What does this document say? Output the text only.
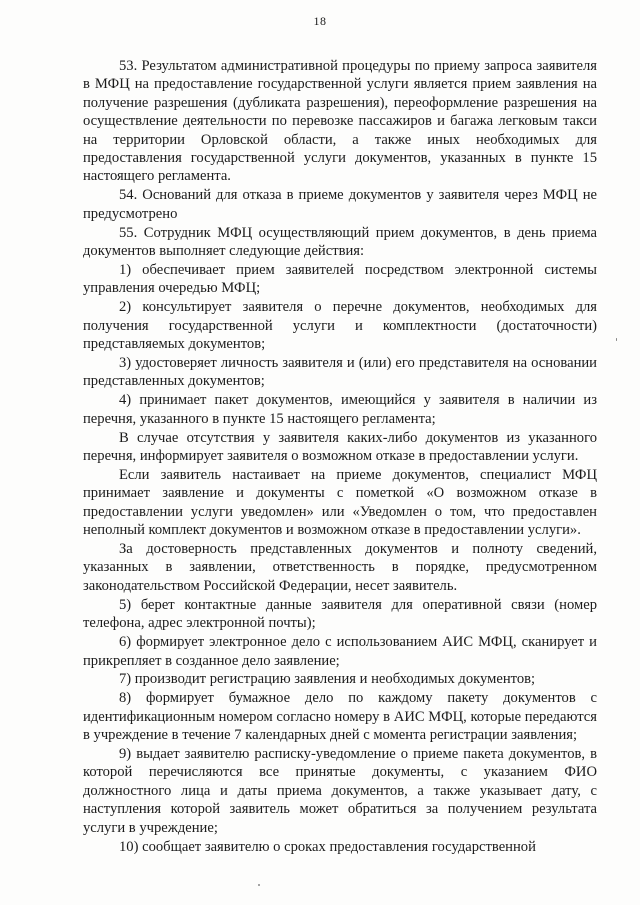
18

53. Результатом административной процедуры по приему запроса заявителя в МФЦ на предоставление государственной услуги является прием заявления на получение разрешения (дубликата разрешения), переоформление разрешения на осуществление деятельности по перевозке пассажиров и багажа легковым такси на территории Орловской области, а также иных необходимых для предоставления государственной услуги документов, указанных в пункте 15 настоящего регламента.

54. Оснований для отказа в приеме документов у заявителя через МФЦ не предусмотрено

55. Сотрудник МФЦ осуществляющий прием документов, в день приема документов выполняет следующие действия:

1) обеспечивает прием заявителей посредством электронной системы управления очередью МФЦ;

2) консультирует заявителя о перечне документов, необходимых для получения государственной услуги и комплектности (достаточности) представляемых документов;

3) удостоверяет личность заявителя и (или) его представителя на основании представленных документов;

4) принимает пакет документов, имеющийся у заявителя в наличии из перечня, указанного в пункте 15 настоящего регламента;

В случае отсутствия у заявителя каких-либо документов из указанного перечня, информирует заявителя о возможном отказе в предоставлении услуги.

Если заявитель настаивает на приеме документов, специалист МФЦ принимает заявление и документы с пометкой «О возможном отказе в предоставлении услуги уведомлен» или «Уведомлен о том, что предоставлен неполный комплект документов и возможном отказе в предоставлении услуги».

За достоверность представленных документов и полноту сведений, указанных в заявлении, ответственность в порядке, предусмотренном законодательством Российской Федерации, несет заявитель.

5) берет контактные данные заявителя для оперативной связи (номер телефона, адрес электронной почты);

6) формирует электронное дело с использованием АИС МФЦ, сканирует и прикрепляет в созданное дело заявление;

7) производит регистрацию заявления и необходимых документов;

8) формирует бумажное дело по каждому пакету документов с идентификационным номером согласно номеру в АИС МФЦ, которые передаются в учреждение в течение 7 календарных дней с момента регистрации заявления;

9) выдает заявителю расписку-уведомление о приеме пакета документов, в которой перечисляются все принятые документы, с указанием ФИО должностного лица и даты приема документов, а также указывает дату, с наступления которой заявитель может обратиться за получением результата услуги в учреждение;

10) сообщает заявителю о сроках предоставления государственной
